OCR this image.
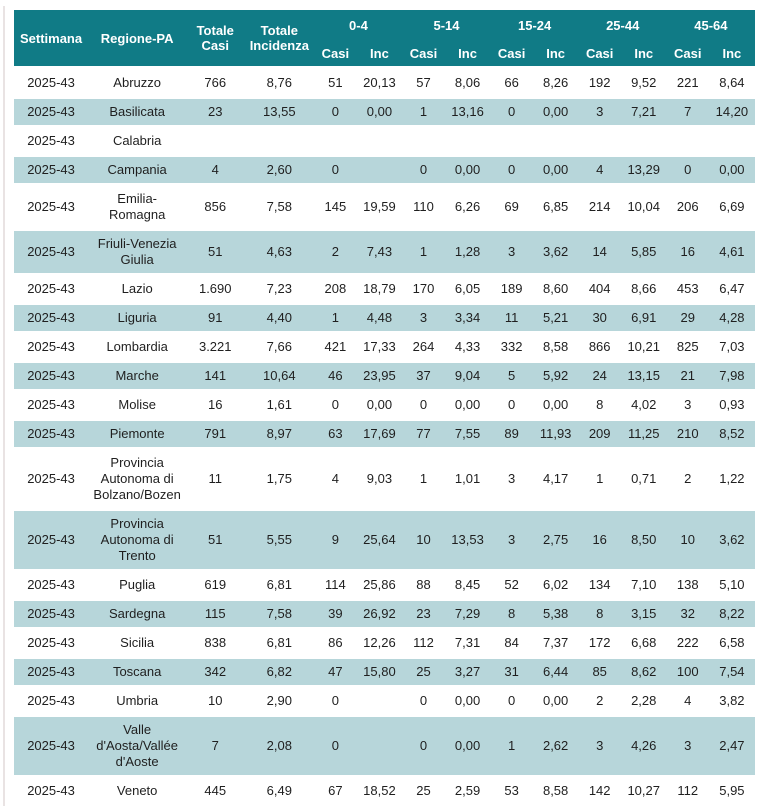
Settimana	Regione-PA	Totale Casi	Totale Incidenza	0-4		5-14		15-24		25-44		45-64	
				Casi	Inc	Casi	Inc	Casi	Inc	Casi	Inc	Casi	Inc
2025-43	Abruzzo	766	8,76	51	20,13	57	8,06	66	8,26	192	9,52	221	8,64
2025-43	Basilicata	23	13,55	0	0,00	1	13,16	0	0,00	3	7,21	7	14,20
2025-43	Calabria												
2025-43	Campania	4	2,60	0		0	0,00	0	0,00	4	13,29	0	0,00
2025-43	Emilia-Romagna	856	7,58	145	19,59	110	6,26	69	6,85	214	10,04	206	6,69
2025-43	Friuli-Venezia Giulia	51	4,63	2	7,43	1	1,28	3	3,62	14	5,85	16	4,61
2025-43	Lazio	1.690	7,23	208	18,79	170	6,05	189	8,60	404	8,66	453	6,47
2025-43	Liguria	91	4,40	1	4,48	3	3,34	11	5,21	30	6,91	29	4,28
2025-43	Lombardia	3.221	7,66	421	17,33	264	4,33	332	8,58	866	10,21	825	7,03
2025-43	Marche	141	10,64	46	23,95	37	9,04	5	5,92	24	13,15	21	7,98
2025-43	Molise	16	1,61	0	0,00	0	0,00	0	0,00	8	4,02	3	0,93
2025-43	Piemonte	791	8,97	63	17,69	77	7,55	89	11,93	209	11,25	210	8,52
2025-43	Provincia Autonoma di Bolzano/Bozen	11	1,75	4	9,03	1	1,01	3	4,17	1	0,71	2	1,22
2025-43	Provincia Autonoma di Trento	51	5,55	9	25,64	10	13,53	3	2,75	16	8,50	10	3,62
2025-43	Puglia	619	6,81	114	25,86	88	8,45	52	6,02	134	7,10	138	5,10
2025-43	Sardegna	115	7,58	39	26,92	23	7,29	8	5,38	8	3,15	32	8,22
2025-43	Sicilia	838	6,81	86	12,26	112	7,31	84	7,37	172	6,68	222	6,58
2025-43	Toscana	342	6,82	47	15,80	25	3,27	31	6,44	85	8,62	100	7,54
2025-43	Umbria	10	2,90	0		0	0,00	0	0,00	2	2,28	4	3,82
2025-43	Valle d'Aosta/Vallée d'Aoste	7	2,08	0		0	0,00	1	2,62	3	4,26	3	2,47
2025-43	Veneto	445	6,49	67	18,52	25	2,59	53	8,58	142	10,27	112	5,95
